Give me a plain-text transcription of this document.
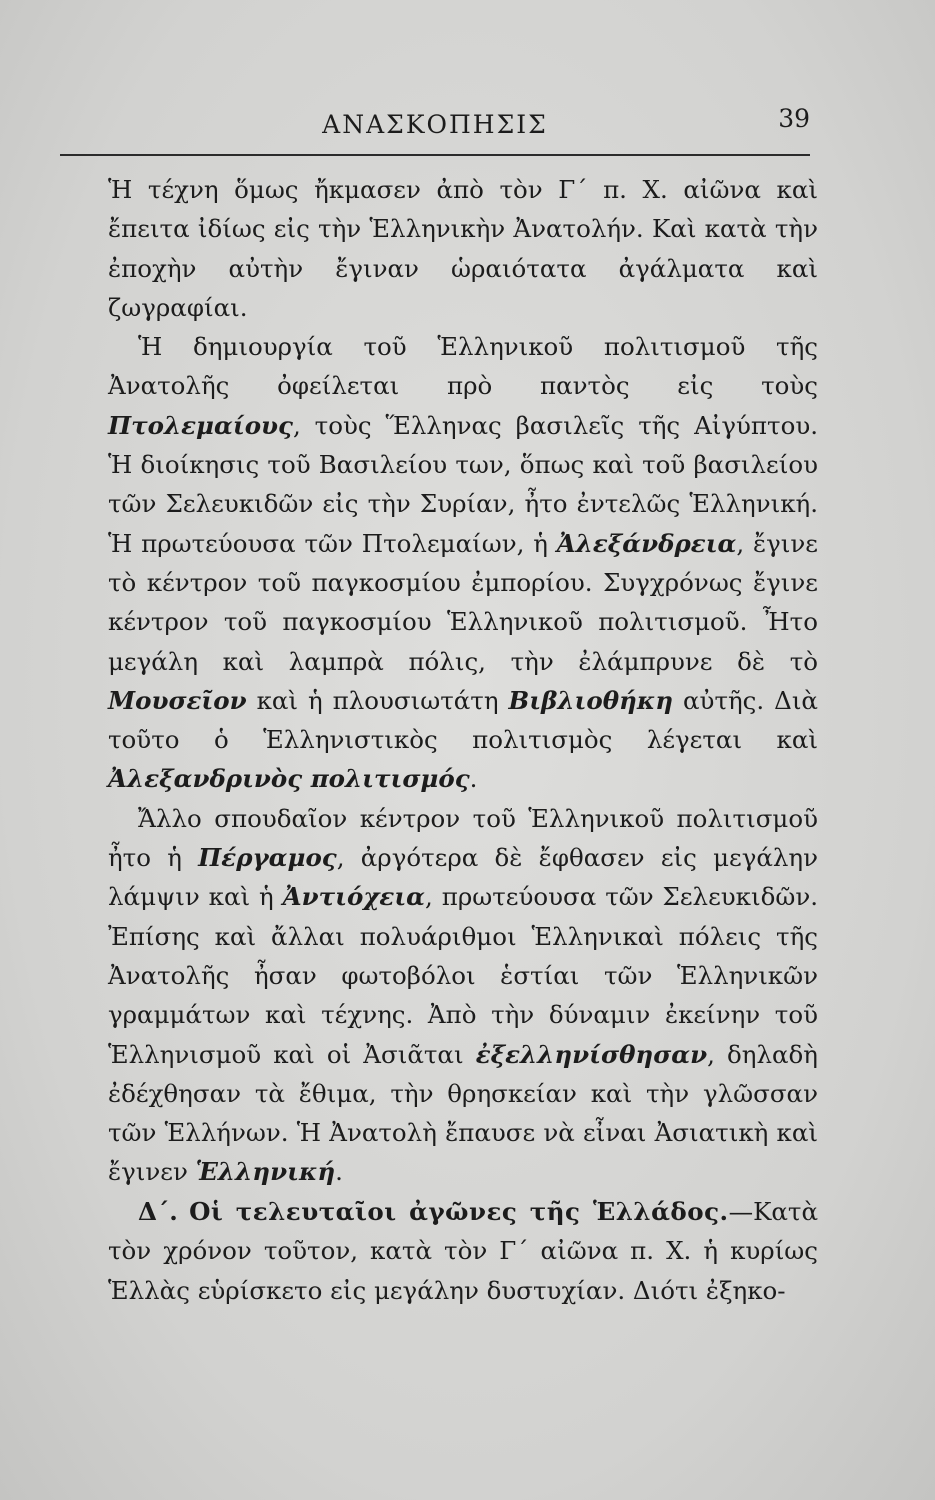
ΑΝΑΣΚΟΠΗΣΙΣ	39

Ἡ τέχνη ὅμως ἤκμασεν ἀπὸ τὸν Γ΄ π. Χ. αἰῶνα καὶ ἔπειτα ἰδίως εἰς τὴν Ἑλληνικὴν Ἀνατολήν. Καὶ κατὰ τὴν ἐποχὴν αὐτὴν ἔγιναν ὡραιότατα ἀγάλματα καὶ ζωγραφίαι.

Ἡ δημιουργία τοῦ Ἑλληνικοῦ πολιτισμοῦ τῆς Ἀνατολῆς ὀφείλεται πρὸ παντὸς εἰς τοὺς Πτολεμαίους, τοὺς Ἕλληνας βασιλεῖς τῆς Αἰγύπτου. Ἡ διοίκησις τοῦ Βασιλείου των, ὅπως καὶ τοῦ βασιλείου τῶν Σελευκιδῶν εἰς τὴν Συρίαν, ἦτο ἐντελῶς Ἑλληνική. Ἡ πρωτεύουσα τῶν Πτολεμαίων, ἡ Ἀλεξάνδρεια, ἔγινε τὸ κέντρον τοῦ παγκοσμίου ἐμπορίου. Συγχρόνως ἔγινε κέντρον τοῦ παγκοσμίου Ἑλληνικοῦ πολιτισμοῦ. Ἦτο μεγάλη καὶ λαμπρὰ πόλις, τὴν ἐλάμπρυνε δὲ τὸ Μουσεῖον καὶ ἡ πλουσιωτάτη Βιβλιοθήκη αὐτῆς. Διὰ τοῦτο ὁ Ἑλληνιστικὸς πολιτισμὸς λέγεται καὶ Ἀλεξανδρινὸς πολιτισμός.

Ἄλλο σπουδαῖον κέντρον τοῦ Ἑλληνικοῦ πολιτισμοῦ ἦτο ἡ Πέργαμος, ἀργότερα δὲ ἔφθασεν εἰς μεγάλην λάμψιν καὶ ἡ Ἀντιόχεια, πρωτεύουσα τῶν Σελευκιδῶν. Ἐπίσης καὶ ἄλλαι πολυάριθμοι Ἑλληνικαὶ πόλεις τῆς Ἀνατολῆς ἦσαν φωτοβόλοι ἑστίαι τῶν Ἑλληνικῶν γραμμάτων καὶ τέχνης. Ἀπὸ τὴν δύναμιν ἐκείνην τοῦ Ἑλληνισμοῦ καὶ οἱ Ἀσιᾶται ἐξελληνίσθησαν, δηλαδὴ ἐδέχθησαν τὰ ἔθιμα, τὴν θρησκείαν καὶ τὴν γλῶσσαν τῶν Ἑλλήνων. Ἡ Ἀνατολὴ ἔπαυσε νὰ εἶναι Ἀσιατικὴ καὶ ἔγινεν Ἑλληνική.

Δ΄. Οἱ τελευταῖοι ἀγῶνες τῆς Ἑλλάδος.—Κατὰ τὸν χρόνον τοῦτον, κατὰ τὸν Γ΄ αἰῶνα π. Χ. ἡ κυρίως Ἑλλὰς εὑρίσκετο εἰς μεγάλην δυστυχίαν. Διότι ἐξηκο-
